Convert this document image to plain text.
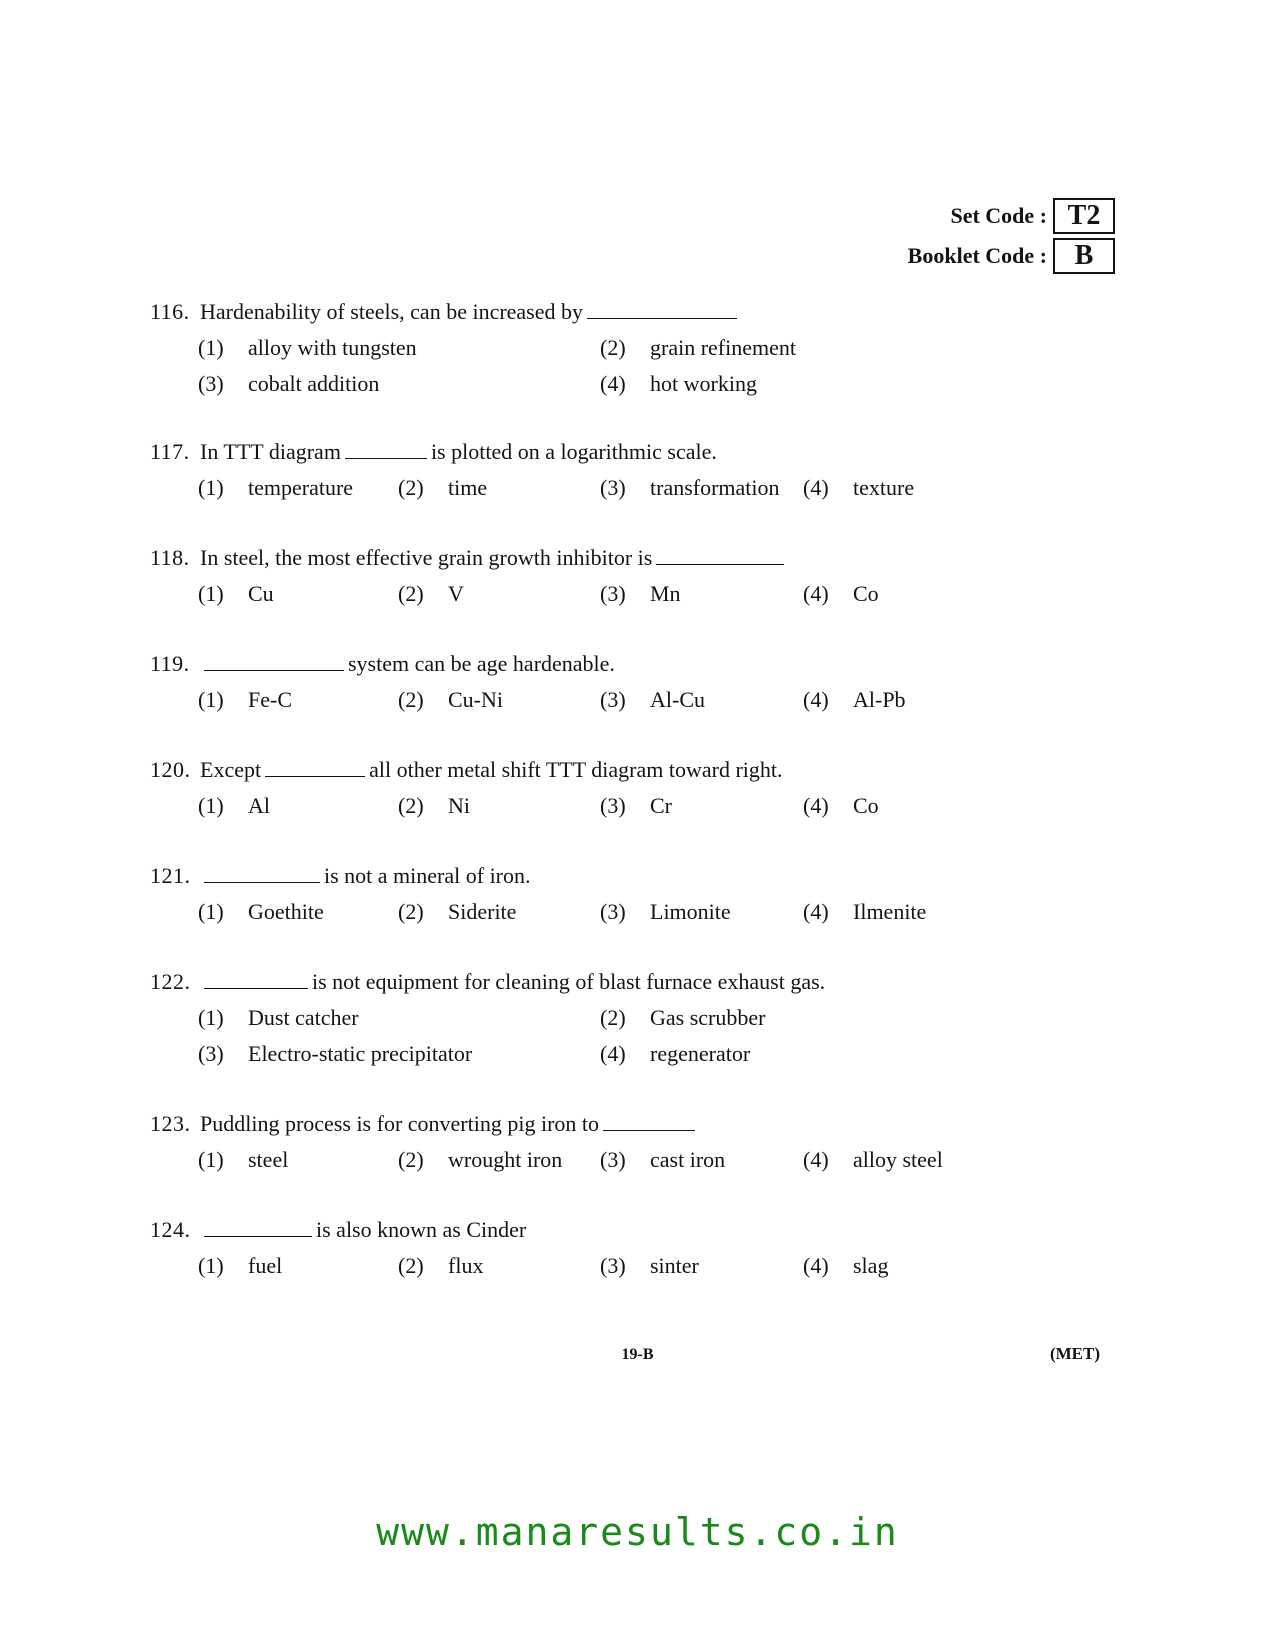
Set Code : T2
Booklet Code : B
116. Hardenability of steels, can be increased by
(1) alloy with tungsten	(2) grain refinement
(3) cobalt addition	(4) hot working
117. In TTT diagram	is plotted on a logarithmic scale.
(1) temperature (2) time	(3) transformation (4) texture
118. In steel, the most effective grain growth inhibitor is
(1) Cu	(2) V	(3) Mn	(4) Co
119.	system can be age hardenable.
(1) Fe-C	(2) Cu-Ni	(3) Al-Cu	(4) Al-Pb
120. Except	all other metal shift TTT diagram toward right.
(1) Al	(2) Ni	(3) Cr	(4) Co
121.	is not a mineral of iron.
(1) Goethite	(2) Siderite	(3) Limonite	(4) Ilmenite
122.	is not equipment for cleaning of blast furnace exhaust gas.
(1) Dust catcher	(2) Gas scrubber
(3) Electro-static precipitator	(4) regenerator
123. Puddling process is for converting pig iron to
(1) steel	(2) wrought iron (3) cast iron	(4) alloy steel
124.	is also known as Cinder
(1) fuel	(2) flux	(3) sinter	(4) slag
19-B	(MET)
www.manaresults.co.in
